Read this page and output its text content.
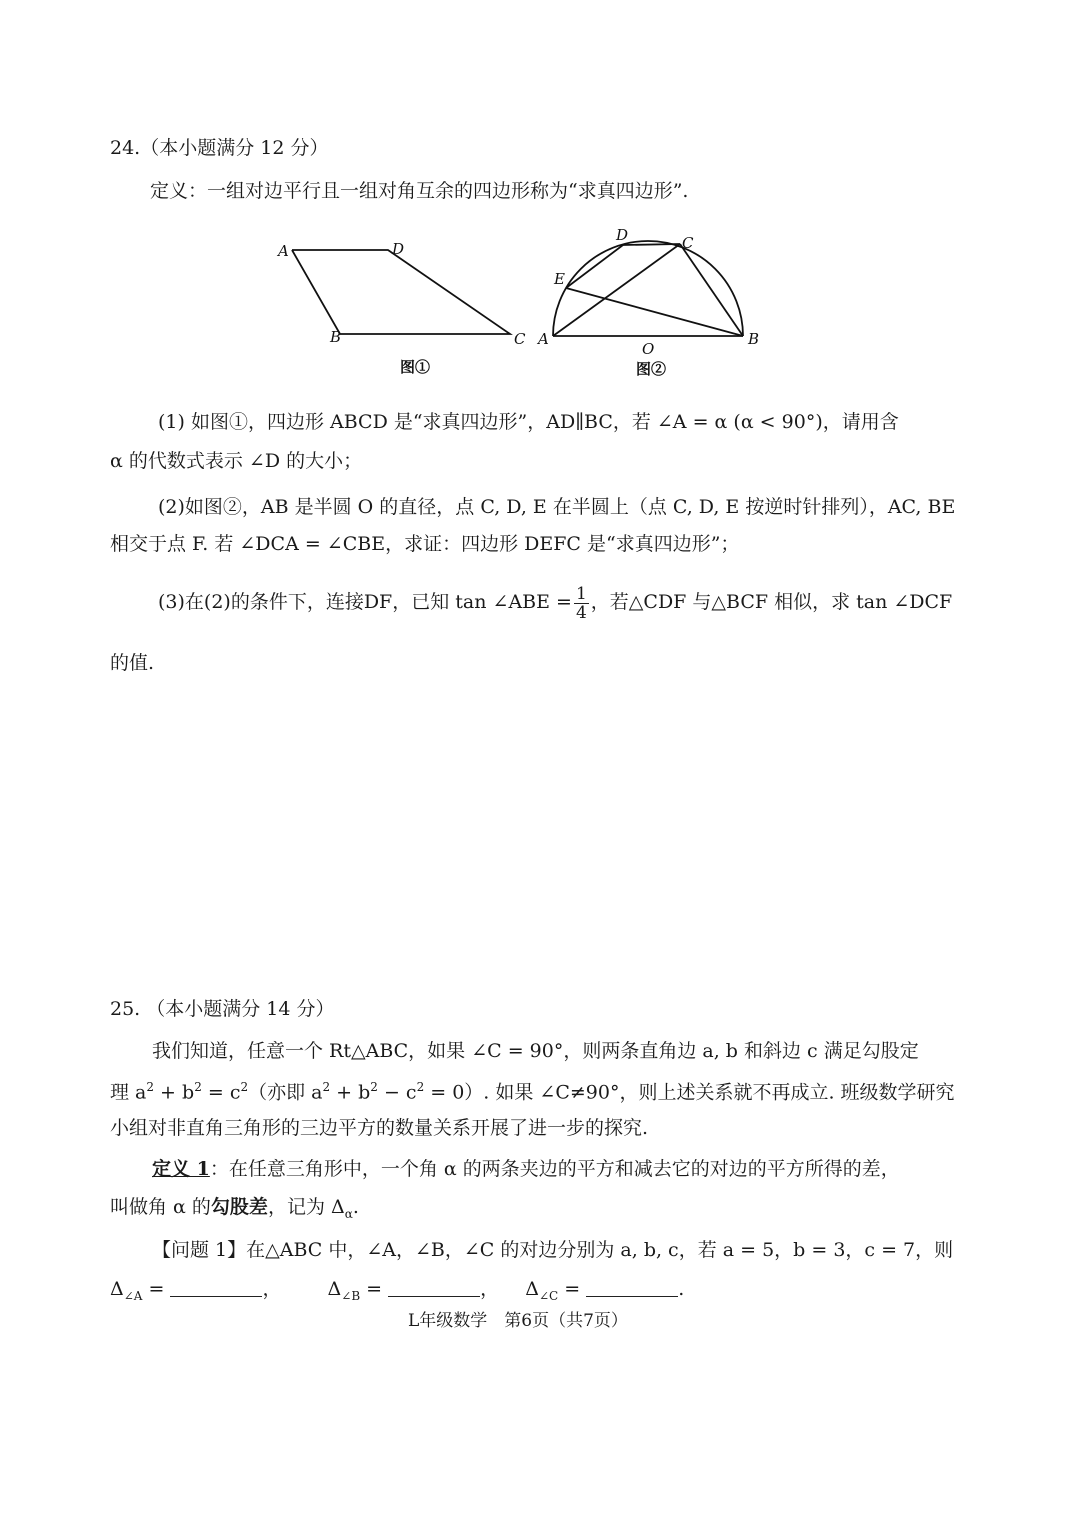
24.（本小题满分 12 分）
定义：一组对边平行且一组对角互余的四边形称为“求真四边形”.
A	D
B	C
图①
D	C
E
A
O
B
图②
(1) 如图①，四边形 ABCD 是“求真四边形”，AD∥BC，若 ∠A = α (α < 90°)，请用含
α 的代数式表示 ∠D 的大小；
(2)如图②，AB 是半圆 O 的直径，点 C, D, E 在半圆上（点 C, D, E 按逆时针排列），AC, BE
相交于点 F. 若 ∠DCA = ∠CBE，求证：四边形 DEFC 是“求真四边形”；
(3)在(2)的条件下，连接DF，已知 tan ∠ABE = $\frac{1}{4}$ ，若△CDF 与△BCF 相似，求 tan ∠DCF
的值.
25. （本小题满分 14 分）
我们知道，任意一个 Rt△ABC，如果 ∠C = 90°，则两条直角边 a, b 和斜边 c 满足勾股定
理 $a^2 + b^2 = c^2$（亦即 $a^2 + b^2 - c^2 = 0$）. 如果 ∠C≠90°，则上述关系就不再成立. 班级数学研究
小组对非直角三角形的三边平方的数量关系开展了进一步的探究.
定义 1：在任意三角形中，一个角 α 的两条夹边的平方和减去它的对边的平方所得的差，
叫做角 α 的勾股差，记为 $\Delta_\alpha$.
【问题 1】在△ABC 中，∠A，∠B，∠C 的对边分别为 a, b, c，若 a = 5，b = 3，c = 7，则
$\Delta_{\angle A}$ =	， $\Delta_{\angle B}$ =	， $\Delta_{\angle C}$ =	.
L年级数学　第6页（共7页）
